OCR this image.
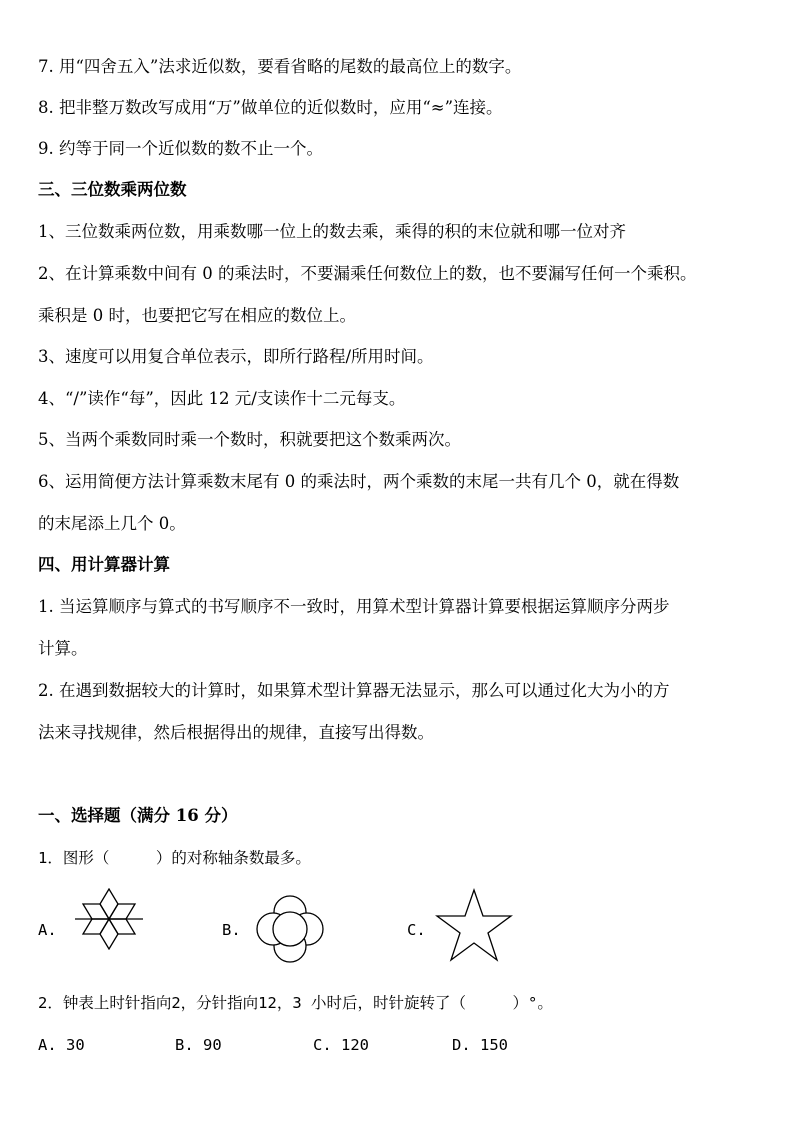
7. 用“四舍五入”法求近似数，要看省略的尾数的最高位上的数字。
8. 把非整万数改写成用“万”做单位的近似数时，应用“≈”连接。
9. 约等于同一个近似数的数不止一个。
三、三位数乘两位数
1、三位数乘两位数，用乘数哪一位上的数去乘，乘得的积的末位就和哪一位对齐
2、在计算乘数中间有 0 的乘法时，不要漏乘任何数位上的数，也不要漏写任何一个乘积。
乘积是 0 时，也要把它写在相应的数位上。
3、速度可以用复合单位表示，即所行路程/所用时间。
4、“/”读作“每”，因此 12 元/支读作十二元每支。
5、当两个乘数同时乘一个数时，积就要把这个数乘两次。
6、运用简便方法计算乘数末尾有 0 的乘法时，两个乘数的末尾一共有几个 0，就在得数
的末尾添上几个 0。
四、用计算器计算
1. 当运算顺序与算式的书写顺序不一致时，用算术型计算器计算要根据运算顺序分两步
计算。
2. 在遇到数据较大的计算时，如果算术型计算器无法显示，那么可以通过化大为小的方
法来寻找规律，然后根据得出的规律，直接写出得数。
一、选择题（满分 16 分）
1．图形（　　　）的对称轴条数最多。
A.	B.	C.
2．钟表上时针指向2，分针指向12，3 小时后，时针旋转了（　　　）°。
A. 30	B. 90	C. 120	D. 150
